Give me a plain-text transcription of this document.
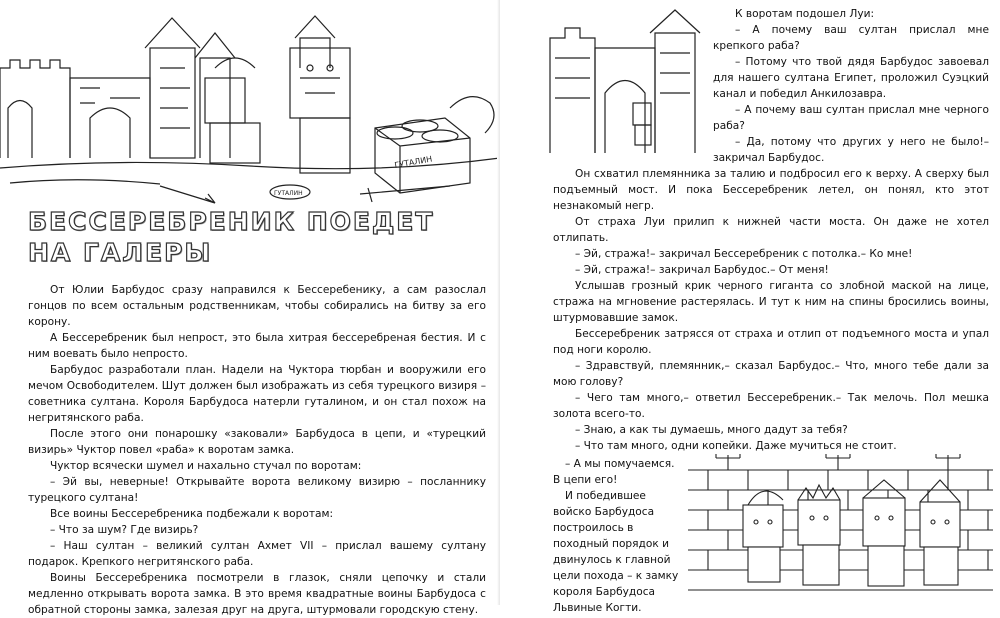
ГУТАЛИН
ГУТАЛИН
БЕССЕРЕБРЕНИК ПОЕДЕТ
НА ГАЛЕРЫ

От Юлии Барбудос сразу направился к Бессеребенику, а сам разослал гонцов по всем остальным родственникам, чтобы собирались на битву за его корону.

А Бессеребреник был непрост, это была хитрая бессеребреная бестия. И с ним воевать было непросто.

Барбудос разработали план. Надели на Чуктора тюрбан и вооружили его мечом Освободителем. Шут должен был изображать из себя турецкого визиря – советника султана. Короля Барбудоса натерли гуталином, и он стал похож на негритянского раба.

После этого они понарошку «заковали» Барбудоса в цепи, и «турецкий визирь» Чуктор повел «раба» к воротам замка.

Чуктор всячески шумел и нахально стучал по воротам:

– Эй вы, неверные! Открывайте ворота великому визирю – посланнику турецкого султана!

Все воины Бессеребреника подбежали к воротам:

– Что за шум? Где визирь?

– Наш султан – великий султан Ахмет VII – прислал вашему султану подарок. Крепкого негритянского раба.

Воины Бессеребреника посмотрели в глазок, сняли цепочку и стали медленно открывать ворота замка. В это время квадратные воины Барбудоса с обратной стороны замка, залезая друг на друга, штурмовали городскую стену.

К воротам подошел Луи:

– А почему ваш султан прислал мне крепкого раба?

– Потому что твой дядя Барбудос завоевал для нашего султана Египет, проложил Суэцкий канал и победил Анкилозавра.

– А почему ваш султан прислал мне черного раба?

– Да, потому что других у него не было!– закричал Барбудос.

Он схватил племянника за талию и подбросил его к верху. А сверху был подъемный мост. И пока Бессеребреник летел, он понял, кто этот незнакомый негр.

От страха Луи прилип к нижней части моста. Он даже не хотел отлипать.

– Эй, стража!– закричал Бессеребреник с потолка.– Ко мне!

– Эй, стража!– закричал Барбудос.– От меня!

Услышав грозный крик черного гиганта со злобной маской на лице, стража на мгновение растерялась. И тут к ним на спины бросились воины, штурмовавшие замок.

Бессеребреник затрясся от страха и отлип от подъемного моста и упал под ноги королю.

– Здравствуй, племянник,– сказал Барбудос.– Что, много тебе дали за мою голову?

– Чего там много,– ответил Бессеребреник.– Так мелочь. Пол мешка золота всего-то.

– Знаю, а как ты думаешь, много дадут за тебя?

– Что там много, одни копейки. Даже мучиться не стоит.

– А мы помучаемся. В цепи его!

И победившее войско Барбудоса построилось в походный порядок и двинулось к главной цели похода – к замку короля Барбудоса Львиные Когти.
